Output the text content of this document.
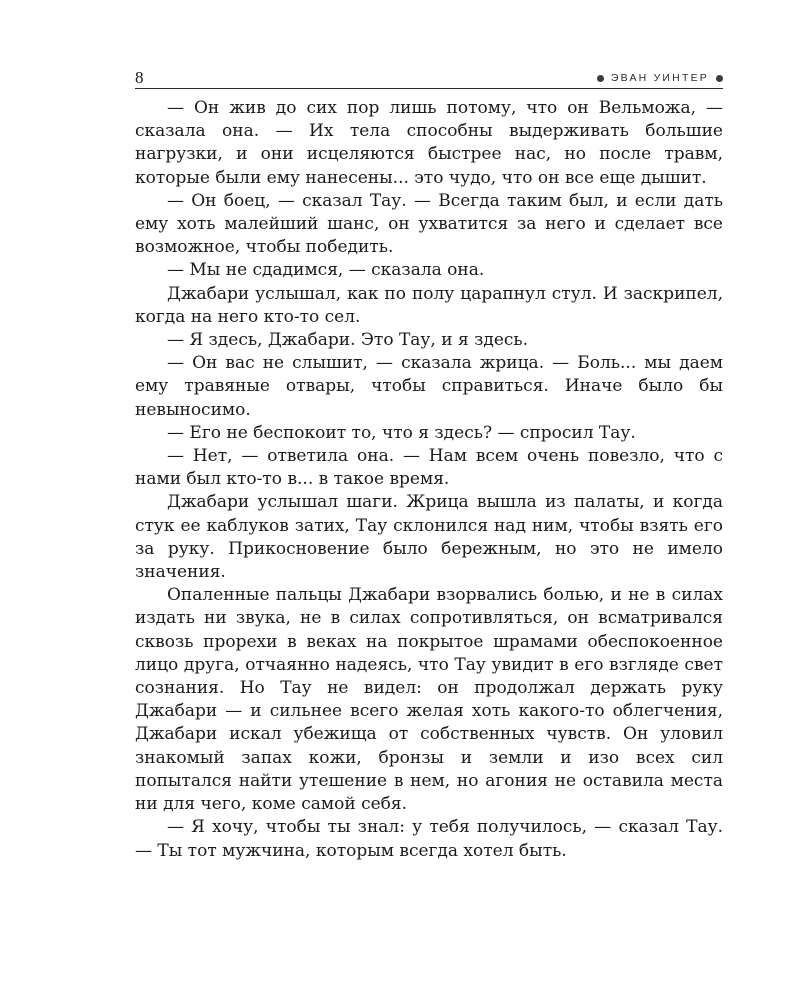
8	ЭВАН УИНТЕР

— Он жив до сих пор лишь потому, что он Вельможа, — сказала она. — Их тела способны выдерживать большие нагрузки, и они исцеляются быстрее нас, но после травм, которые были ему нанесены... это чудо, что он все еще дышит.

— Он боец, — сказал Тау. — Всегда таким был, и если дать ему хоть малейший шанс, он ухватится за него и сделает все возможное, чтобы победить.

— Мы не сдадимся, — сказала она.

Джабари услышал, как по полу царапнул стул. И заскрипел, когда на него кто-то сел.

— Я здесь, Джабари. Это Тау, и я здесь.

— Он вас не слышит, — сказала жрица. — Боль... мы даем ему травяные отвары, чтобы справиться. Иначе было бы невыносимо.

— Его не беспокоит то, что я здесь? — спросил Тау.

— Нет, — ответила она. — Нам всем очень повезло, что с нами был кто-то в... в такое время.

Джабари услышал шаги. Жрица вышла из палаты, и когда стук ее каблуков затих, Тау склонился над ним, чтобы взять его за руку. Прикосновение было бережным, но это не имело значения.

Опаленные пальцы Джабари взорвались болью, и не в силах издать ни звука, не в силах сопротивляться, он всматривался сквозь прорехи в веках на покрытое шрамами обеспокоенное лицо друга, отчаянно надеясь, что Тау увидит в его взгляде свет сознания. Но Тау не видел: он продолжал держать руку Джабари — и сильнее всего желая хоть какого-то облегчения, Джабари искал убежища от собственных чувств. Он уловил знакомый запах кожи, бронзы и земли и изо всех сил попытался найти утешение в нем, но агония не оставила места ни для чего, коме самой себя.

— Я хочу, чтобы ты знал: у тебя получилось, — сказал Тау. — Ты тот мужчина, которым всегда хотел быть.
